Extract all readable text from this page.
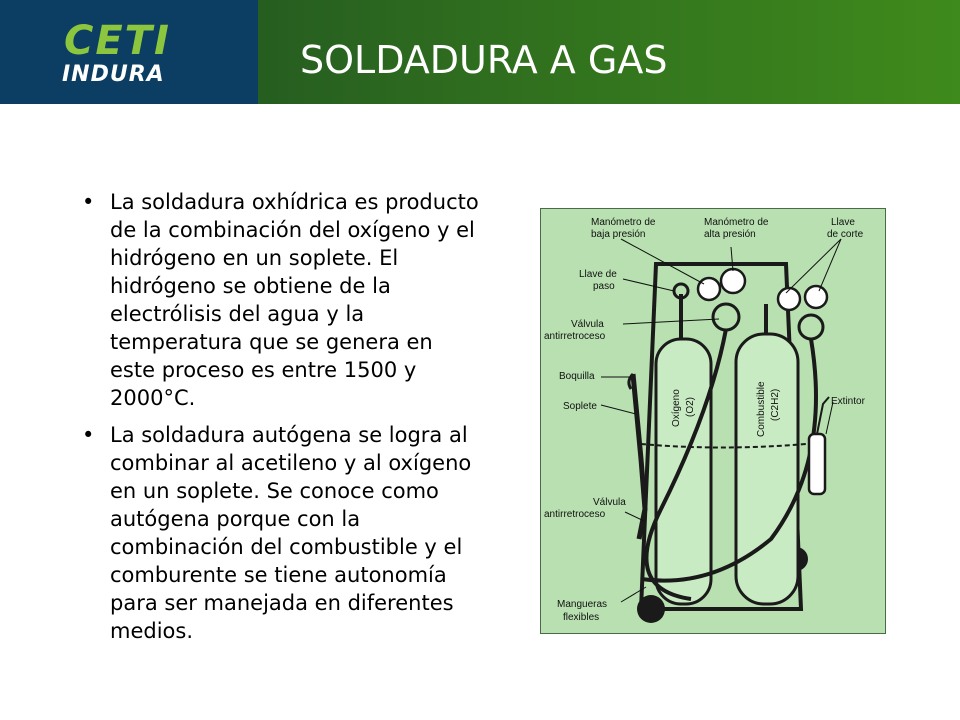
CETI
INDURA	SOLDADURA A GAS
• La soldadura oxhídrica es producto de la combinación del oxígeno y el hidrógeno en un soplete. El hidrógeno se obtiene de la electrólisis del agua y la temperatura que se genera en este proceso es entre 1500 y 2000°C.
• La soldadura autógena se logra al combinar al acetileno y al oxígeno en un soplete. Se conoce como autógena porque con la combinación del combustible y el comburente se tiene autonomía para ser manejada en diferentes medios.
Manómetro de
baja presión
Manómetro de
alta presión
Llave
de corte
Llave de
paso
Válvula
antirretroceso
Boquilla
Soplete	Extintor
Válvula
antirretroceso
Mangueras
flexibles
Oxígeno (O2)	Combustible (C2H2)
